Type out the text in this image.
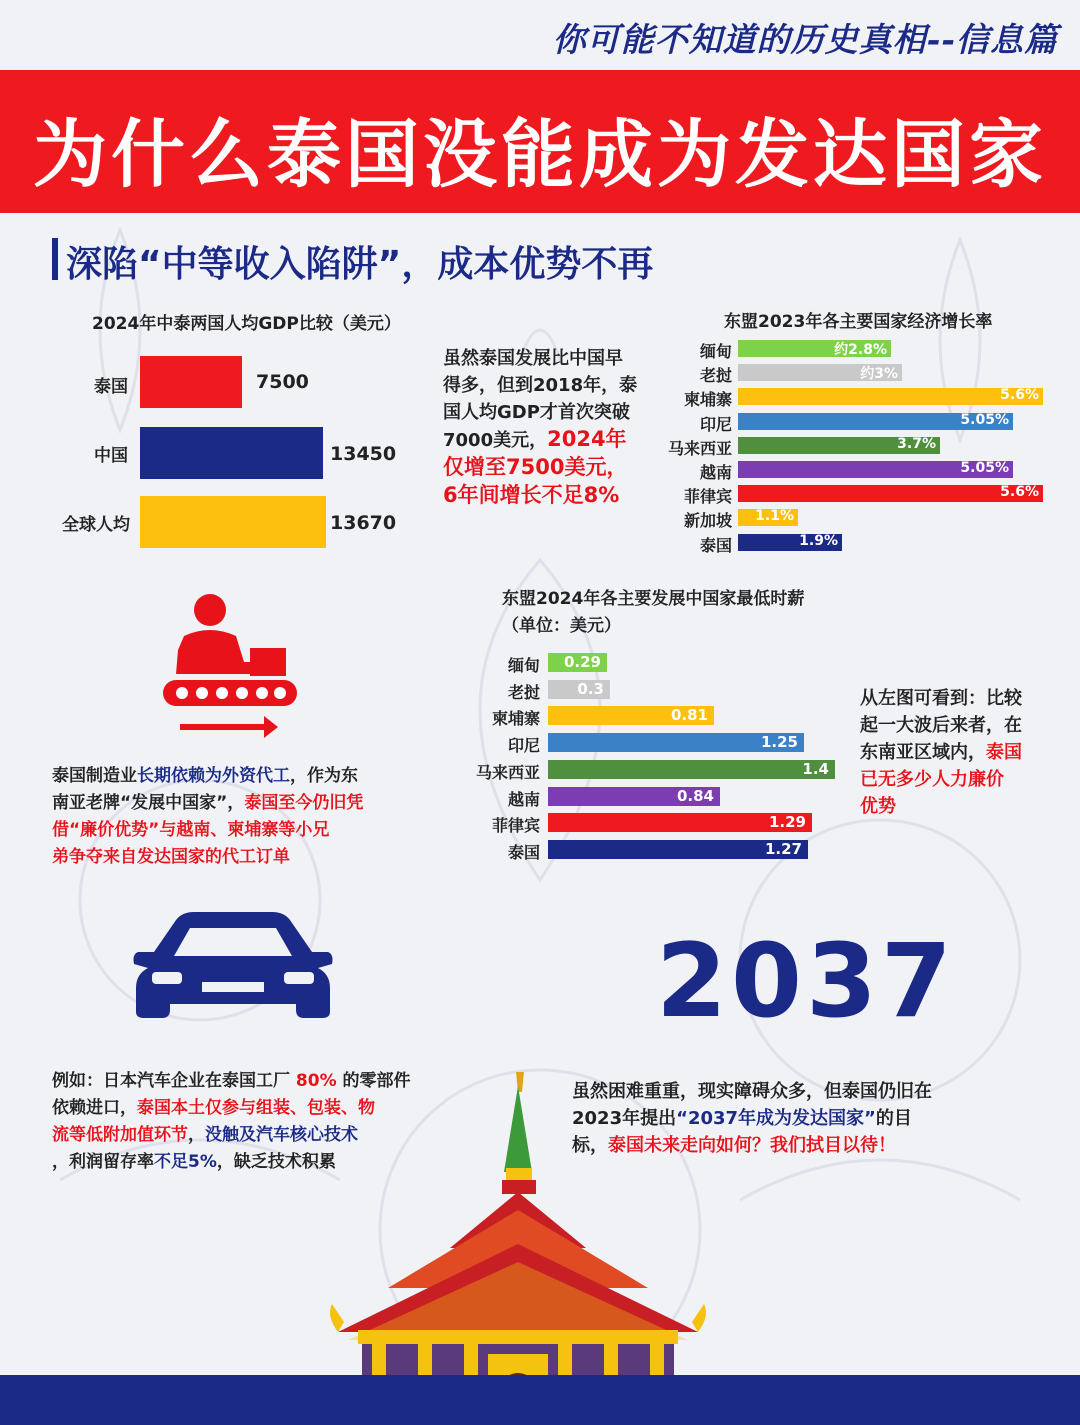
你可能不知道的历史真相--信息篇
为什么泰国没能成为发达国家
深陷“中等收入陷阱”，成本优势不再
2024年中泰两国人均GDP比较（美元）
泰国
中国
全球人均
7500
13450
13670
虽然泰国发展比中国早
得多，但到2018年，泰
国人均GDP才首次突破
7000美元，2024年
仅增至7500美元，
6年间增长不足8%
东盟2023年各主要国家经济增长率
缅甸	约2.8%
老挝	约3%
柬埔寨	5.6%
印尼	5.05%
马来西亚	3.7%
越南	5.05%
菲律宾	5.6%
新加坡	1.1%
泰国	1.9%
泰国制造业长期依赖为外资代工，作为东
南亚老牌“发展中国家”，泰国至今仍旧凭
借“廉价优势”与越南、柬埔寨等小兄
弟争夺来自发达国家的代工订单
东盟2024年各主要发展中国家最低时薪
（单位：美元）
缅甸	0.29
老挝	0.3
柬埔寨	0.81
印尼	1.25
马来西亚	1.4
越南	0.84
菲律宾	1.29
泰国	1.27
从左图可看到：比较
起一大波后来者，在
东南亚区域内，泰国
已无多少人力廉价
优势
2037
例如：日本汽车企业在泰国工厂 80% 的零部件
依赖进口，泰国本土仅参与组装、包装、物
流等低附加值环节，没触及汽车核心技术
，利润留存率不足5%，缺乏技术积累
虽然困难重重，现实障碍众多，但泰国仍旧在
2023年提出“2037年成为发达国家”的目
标，泰国未来走向如何？我们拭目以待！
